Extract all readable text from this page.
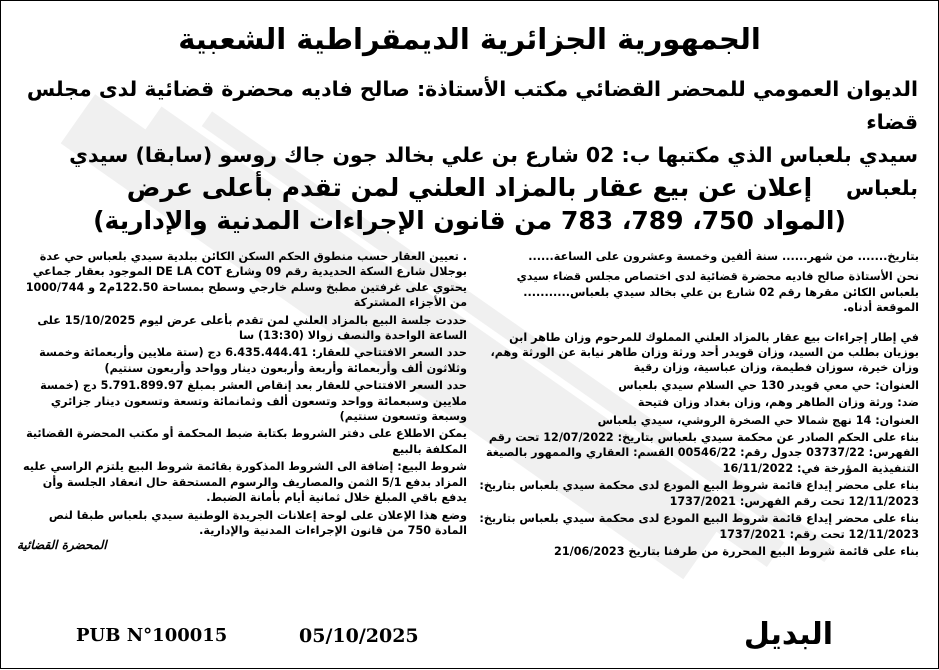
الجمهورية الجزائرية الديمقراطية الشعبية
الديوان العمومي للمحضر القضائي مكتب الأستاذة: صالح فاديه محضرة قضائية لدى مجلس قضاء
سيدي بلعباس الذي مكتبها ب: 02 شارع بن علي بخالد جون جاك روسو (سابقا) سيدي بلعباس
إعلان عن بيع عقار بالمزاد العلني لمن تقدم بأعلى عرض
(المواد 750، 789، 783 من قانون الإجراءات المدنية والإدارية)

بتاريخ....... من شهر...... سنة ألفين وخمسة وعشرون على الساعة......

نحن الأستاذة صالح فاديه محضرة قضائية لدى اختصاص مجلس قضاء سيدي بلعباس الكائن مقرها رقم 02 شارع بن علي بخالد سيدي بلعباس........... الموقعة أدناه.

في إطار إجراءات بيع عقار بالمزاد العلني المملوك للمرحوم وزان طاهر ابن بوزيان بطلب من السيد، وزان قويدر أحد ورثة وزان طاهر نيابة عن الورثة وهم، وزان خيرة، سوزان فطيمة، وزان عباسية، وزان رقية

العنوان: حي معي قويدر 130 حي السلام سيدي بلعباس

ضد: ورثة وزان الطاهر وهم، وزان بغداد وزان فتيحة

العنوان: 14 نهج شمالا حي الصخرة الروشي، سيدي بلعباس

بناء على الحكم الصادر عن محكمة سيدي بلعباس بتاريخ: 12/07/2022 تحت رقم الفهرس: 03737/22 جدول رقم: 00546/22 القسم: العقاري والممهور بالصيغة التنفيذية المؤرخة في: 16/11/2022

بناء على محضر إيداع قائمة شروط البيع المودع لدى محكمة سيدي بلعباس بتاريخ: 12/11/2023 تحت رقم الفهرس: 1737/2021

بناء على محضر إيداع قائمة شروط البيع المودع لدى محكمة سيدي بلعباس بتاريخ: 12/11/2023 تحت رقم: 1737/2021

بناء على قائمة شروط البيع المحررة من طرفنا بتاريخ 21/06/2023

. تعيين العقار حسب منطوق الحكم السكن الكائن ببلدية سيدي بلعباس حي عدة بوجلال شارع السكة الحديدية رقم 09 وشارع DE LA COT الموجود بعقار جماعي يحتوي على غرفتين مطبخ وسلم خارجي وسطح بمساحة 122.50م2 و 1000/744 من الأجزاء المشتركة

حددت جلسة البيع بالمزاد العلني لمن تقدم بأعلى عرض ليوم 15/10/2025 على الساعة الواحدة والنصف زوالا (13:30) سا

حدد السعر الافتتاحي للعقار: 6.435.444.41 دج (ستة ملايين وأربعمائة وخمسة وثلاثون ألف وأربعمائة وأربعة وأربعون دينار وواحد وأربعون سنتيم)

حدد السعر الافتتاحي للعقار بعد إنقاص العشر بمبلغ 5.791.899.97 دج (خمسة ملايين وسبعمائة وواحد وتسعون ألف وثمانمائة وتسعة وتسعون دينار جزائري وسبعة وتسعون سنتيم)

يمكن الاطلاع على دفتر الشروط بكتابة ضبط المحكمة أو مكتب المحضرة القضائية المكلفة بالبيع

شروط البيع: إضافة الى الشروط المذكورة بقائمة شروط البيع يلتزم الراسي عليه المزاد بدفع 5/1 الثمن والمصاريف والرسوم المستحقة حال انعقاد الجلسة وأن يدفع باقي المبلغ خلال ثمانية أيام بأمانة الضبط.

وضع هذا الإعلان على لوحة إعلانات الجريدة الوطنية سيدي بلعباس طبقا لنص المادة 750 من قانون الإجراءات المدنية والإدارية.

المحضرة القضائية
PUB N°100015	05/10/2025	البديل
